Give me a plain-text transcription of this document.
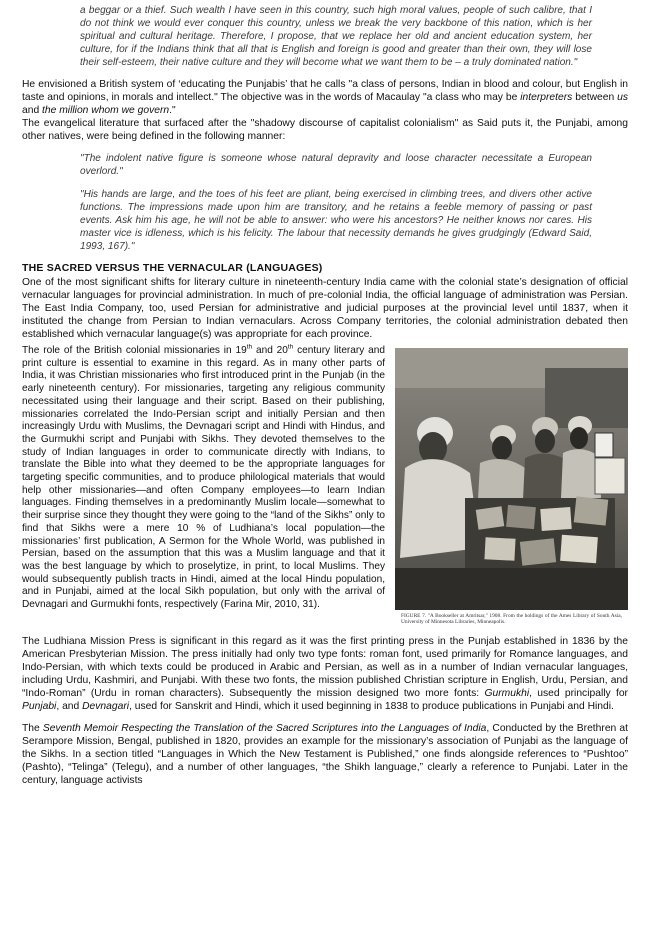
a beggar or a thief. Such wealth I have seen in this country, such high moral values, people of such calibre, that I do not think we would ever conquer this country, unless we break the very backbone of this nation, which is her spiritual and cultural heritage. Therefore, I propose, that we replace her old and ancient education system, her culture, for if the Indians think that all that is English and foreign is good and greater than their own, they will lose their self-esteem, their native culture and they will become what we want them to be – a truly dominated nation."

He envisioned a British system of ‘educating the Punjabis’ that he calls "a class of persons, Indian in blood and colour, but English in taste and opinions, in morals and intellect." The objective was in the words of Macaulay "a class who may be interpreters between us and the million whom we govern."

The evangelical literature that surfaced after the "shadowy discourse of capitalist colonialism" as Said puts it, the Punjabi, among other natives, were being defined in the following manner:

"The indolent native figure is someone whose natural depravity and loose character necessitate a European overlord."

"His hands are large, and the toes of his feet are pliant, being exercised in climbing trees, and divers other active functions. The impressions made upon him are transitory, and he retains a feeble memory of passing or past events. Ask him his age, he will not be able to answer: who were his ancestors? He neither knows nor cares. His master vice is idleness, which is his felicity. The labour that necessity demands he gives grudgingly (Edward Said, 1993, 167)."

THE SACRED VERSUS THE VERNACULAR (LANGUAGES)

One of the most significant shifts for literary culture in nineteenth-century India came with the colonial state’s designation of official vernacular languages for provincial administration. In much of pre-colonial India, the official language of administration was Persian. The East India Company, too, used Persian for administrative and judicial purposes at the provincial level until 1837, when it instituted the change from Persian to Indian vernaculars. Across Company territories, the colonial administration debated then established which vernacular language(s) was appropriate for each province.

FIGURE 7. "A Bookseller at Amritsar," 1908. From the holdings of the Ames Library of South Asia, University of Minnesota Libraries, Minneapolis.
The role of the British colonial missionaries in 19th and 20th century literary and print culture is essential to examine in this regard. As in many other parts of India, it was Christian missionaries who first introduced print in the Punjab (in the early nineteenth century). For missionaries, targeting any religious community necessitated using their language and their script. Based on their publishing, missionaries correlated the Indo-Persian script and initially Persian and then increasingly Urdu with Muslims, the Devnagari script and Hindi with Hindus, and the Gurmukhi script and Punjabi with Sikhs. They devoted themselves to the study of Indian languages in order to communicate directly with Indians, to translate the Bible into what they deemed to be the appropriate languages for targeting specific communities, and to produce philological materials that would help other missionaries—and often Company employees—to learn Indian languages. Finding themselves in a predominantly Muslim locale—somewhat to their surprise since they thought they were going to the “land of the Sikhs” only to find that Sikhs were a mere 10 % of Ludhiana’s local population—the missionaries’ first publication, A Sermon for the Whole World, was published in Persian, based on the assumption that this was a Muslim language and that it was the best language by which to proselytize, in print, to local Muslims. They would subsequently publish tracts in Hindi, aimed at the local Hindu population, and in Punjabi, aimed at the local Sikh population, but only with the arrival of Devnagari and Gurmukhi fonts, respectively (Farina Mir, 2010, 31).

The Ludhiana Mission Press is significant in this regard as it was the first printing press in the Punjab established in 1836 by the American Presbyterian Mission. The press initially had only two type fonts: roman font, used primarily for Romance languages, and Indo-Persian, with which texts could be produced in Arabic and Persian, as well as in a number of Indian vernacular languages, including Urdu, Kashmiri, and Punjabi. With these two fonts, the mission published Christian scripture in English, Urdu, Persian, and “Indo-Roman” (Urdu in roman characters). Subsequently the mission designed two more fonts: Gurmukhi, used principally for Punjabi, and Devnagari, used for Sanskrit and Hindi, which it used beginning in 1838 to produce publications in Punjabi and Hindi.

The Seventh Memoir Respecting the Translation of the Sacred Scriptures into the Languages of India, Conducted by the Brethren at Serampore Mission, Bengal, published in 1820, provides an example for the missionary’s association of Punjabi as the language of the Sikhs. In a section titled “Languages in Which the New Testament is Published,” one finds alongside references to “Pushtoo” (Pashto), “Telinga” (Telegu), and a number of other languages, “the Shikh language,” clearly a reference to Punjabi. Later in the century, language activists
